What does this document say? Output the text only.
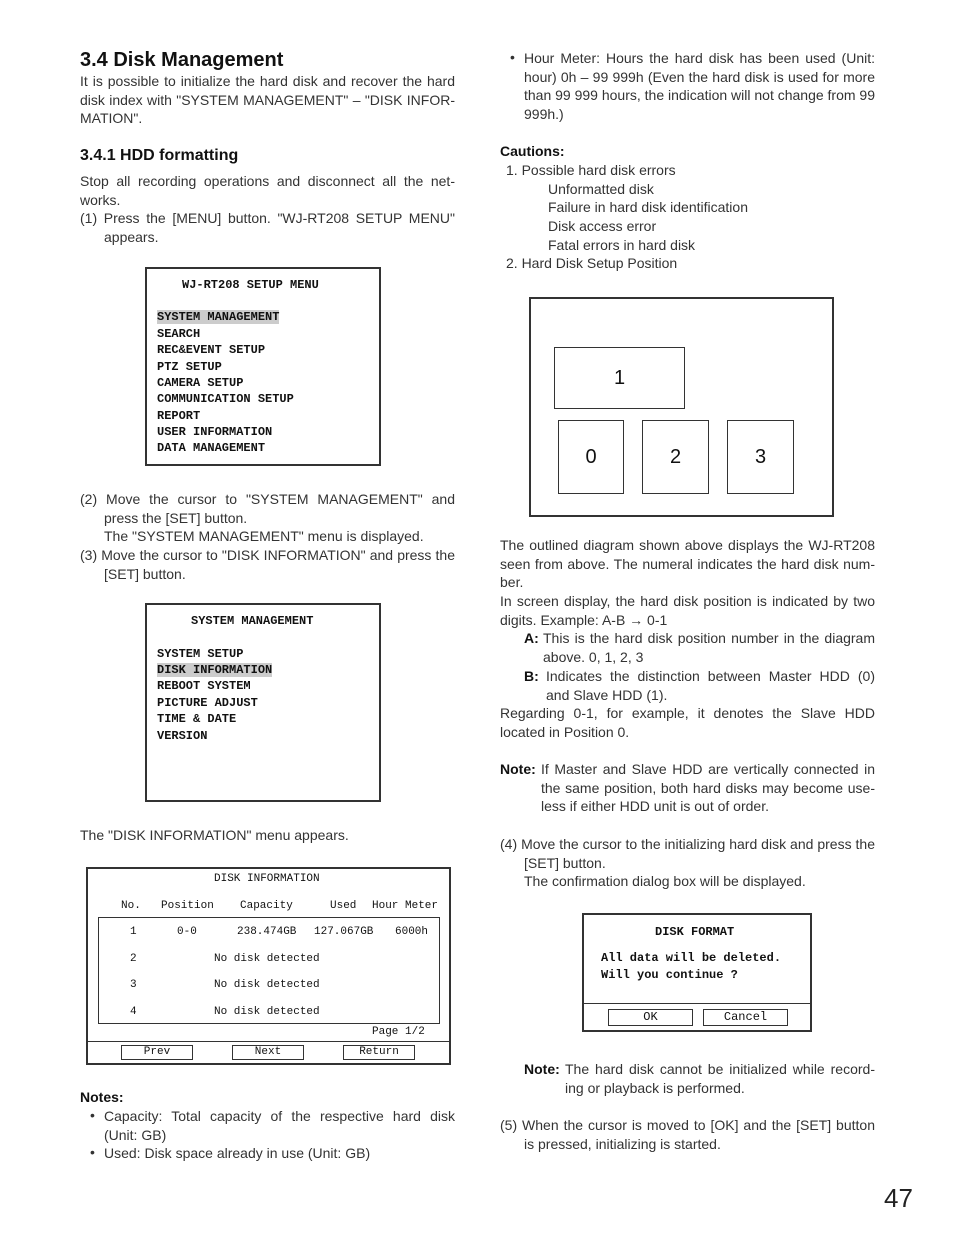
3.4 Disk Management

It is possible to initialize the hard disk and recover the hard disk index with "SYSTEM MANAGEMENT" – "DISK INFOR-MATION".

3.4.1 HDD formatting

Stop all recording operations and disconnect all the net-works.

(1) Press the [MENU] button. "WJ-RT208 SETUP MENU" appears.

WJ-RT208 SETUP MENU
SYSTEM MANAGEMENT
SEARCH
REC&EVENT SETUP
PTZ SETUP
CAMERA SETUP
COMMUNICATION SETUP
REPORT
USER INFORMATION
DATA MANAGEMENT

(2) Move the cursor to "SYSTEM MANAGEMENT" and press the [SET] button.

The "SYSTEM MANAGEMENT" menu is displayed.

(3) Move the cursor to "DISK INFORMATION" and press the [SET] button.

SYSTEM MANAGEMENT
SYSTEM SETUP
DISK INFORMATION
REBOOT SYSTEM
PICTURE ADJUST
TIME & DATE
VERSION

The "DISK INFORMATION" menu appears.

DISK INFORMATION
No. Position Capacity	Used Hour Meter
1	0-0	238.474GB 127.067GB 6000h
2	No disk detected
3	No disk detected
4	No disk detected
Page 1/2
Prev	Next	Return
Notes:
• Capacity: Total capacity of the respective hard disk (Unit: GB)

• Used: Disk space already in use (Unit: GB)

• Hour Meter: Hours the hard disk has been used (Unit: hour) 0h – 99 999h (Even the hard disk is used for more than 99 999 hours, the indication will not change from 99 999h.)

Cautions:
1. Possible hard disk errors
Unformatted disk
Failure in hard disk identification
Disk access error
Fatal errors in hard disk
2. Hard Disk Setup Position
1
0	2	3

The outlined diagram shown above displays the WJ-RT208 seen from above. The numeral indicates the hard disk num-ber.

In screen display, the hard disk position is indicated by two digits. Example: A-B → 0-1

A: This is the hard disk position number in the diagram above. 0, 1, 2, 3

B: Indicates the distinction between Master HDD (0) and Slave HDD (1).

Regarding 0-1, for example, it denotes the Slave HDD located in Position 0.

Note: If Master and Slave HDD are vertically connected in the same position, both hard disks may become use-less if either HDD unit is out of order.

(4) Move the cursor to the initializing hard disk and press the [SET] button.

The confirmation dialog box will be displayed.

DISK FORMAT
All data will be deleted.
Will you continue ?
OK	Cancel
Note: The hard disk cannot be initialized while record-ing or playback is performed.

(5) When the cursor is moved to [OK] and the [SET] button is pressed, initializing is started.

47
